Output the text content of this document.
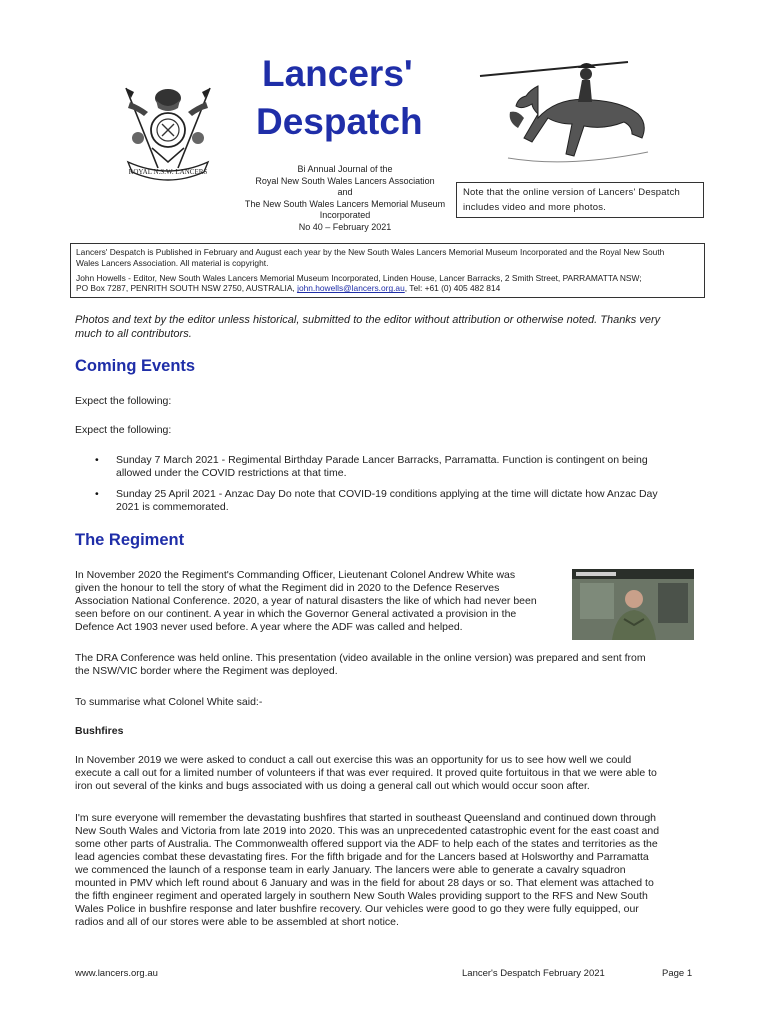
ROYAL N.S.W. LANCERS
Lancers'
Despatch
Bi Annual Journal of the
Royal New South Wales Lancers Association
and
The New South Wales Lancers Memorial Museum
Incorporated
No 40 – February 2021
Note that the online version of Lancers' Despatch
includes video and more photos.

Lancers' Despatch is Published in February and August each year by the New South Wales Lancers Memorial Museum Incorporated and the Royal New South

Wales Lancers Association. All material is copyright.

John Howells - Editor, New South Wales Lancers Memorial Museum Incorporated, Linden House, Lancer Barracks, 2 Smith Street, PARRAMATTA NSW;

PO Box 7287, PENRITH SOUTH NSW 2750, AUSTRALIA, john.howells@lancers.org.au, Tel: +61 (0) 405 482 814

Photos and text by the editor unless historical, submitted to the editor without attribution or otherwise noted. Thanks very
much to all contributors.
Coming Events
Expect the following:
Expect the following:
• Sunday 7 March 2021 - Regimental Birthday Parade Lancer Barracks, Parramatta. Function is contingent on being
allowed under the COVID restrictions at that time.
• Sunday 25 April 2021 - Anzac Day Do note that COVID-19 conditions applying at the time will dictate how Anzac Day
2021 is commemorated.
The Regiment
In November 2020 the Regiment's Commanding Officer, Lieutenant Colonel Andrew White was
given the honour to tell the story of what the Regiment did in 2020 to the Defence Reserves
Association National Conference. 2020, a year of natural disasters the like of which had never been
seen before on our continent. A year in which the Governor General activated a provision in the
Defence Act 1903 never used before. A year where the ADF was called and helped.
The DRA Conference was held online. This presentation (video available in the online version) was prepared and sent from
the NSW/VIC border where the Regiment was deployed.
To summarise what Colonel White said:-
Bushfires
In November 2019 we were asked to conduct a call out exercise this was an opportunity for us to see how well we could
execute a call out for a limited number of volunteers if that was ever required. It proved quite fortuitous in that we were able to
iron out several of the kinks and bugs associated with us doing a general call out which would occur soon after.
I'm sure everyone will remember the devastating bushfires that started in southeast Queensland and continued down through
New South Wales and Victoria from late 2019 into 2020. This was an unprecedented catastrophic event for the east coast and
some other parts of Australia. The Commonwealth offered support via the ADF to help each of the states and territories as the
lead agencies combat these devastating fires. For the fifth brigade and for the Lancers based at Holsworthy and Parramatta
we commenced the launch of a response team in early January. The lancers were able to generate a cavalry squadron
mounted in PMV which left round about 6 January and was in the field for about 28 days or so. That element was attached to
the fifth engineer regiment and operated largely in southern New South Wales providing support to the RFS and New South
Wales Police in bushfire response and later bushfire recovery. Our vehicles were good to go they were fully equipped, our
radios and all of our stores were able to be assembled at short notice.
www.lancers.org.au	Lancer's Despatch February 2021	Page 1
